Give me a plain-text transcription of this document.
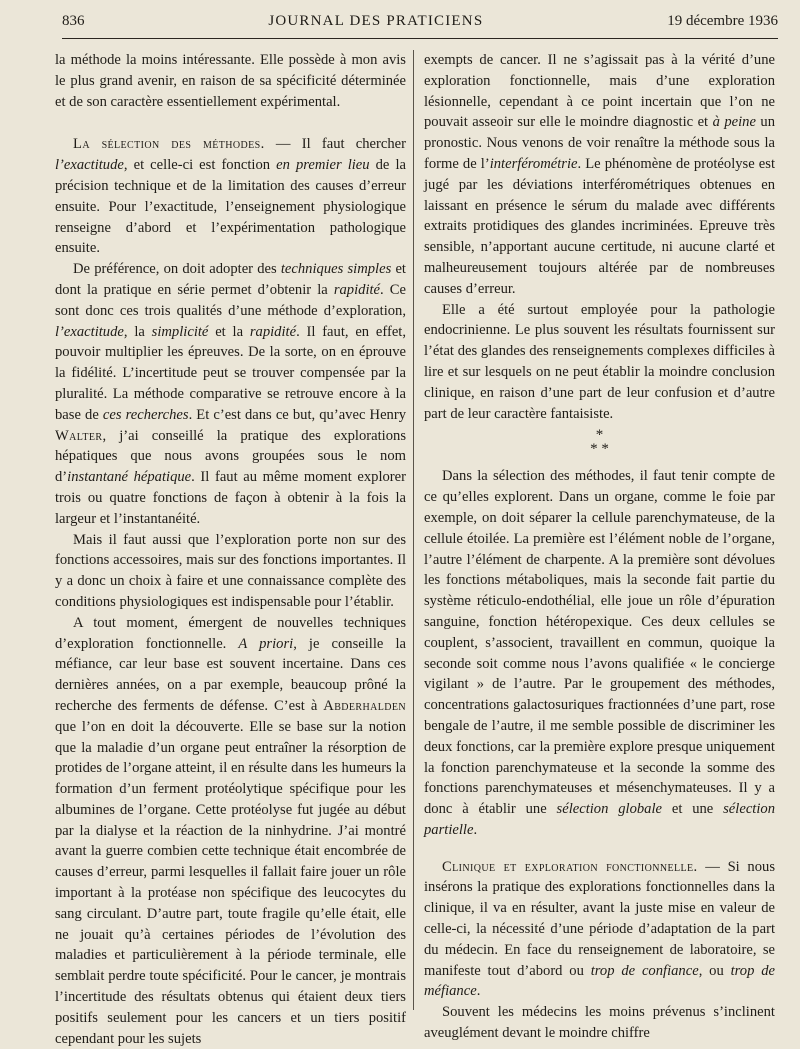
836	JOURNAL DES PRATICIENS	19 décembre 1936

la méthode la moins intéressante. Elle possède à mon avis le plus grand avenir, en raison de sa spécificité déterminée et de son caractère essentiellement expérimental.

La sélection des méthodes. — Il faut chercher l’exactitude, et celle-ci est fonction en premier lieu de la précision technique et de la limitation des causes d’erreur ensuite. Pour l’exactitude, l’enseignement physiologique renseigne d’abord et l’expérimentation pathologique ensuite.

De préférence, on doit adopter des techniques simples et dont la pratique en série permet d’obtenir la rapidité. Ce sont donc ces trois qualités d’une méthode d’exploration, l’exactitude, la simplicité et la rapidité. Il faut, en effet, pouvoir multiplier les épreuves. De la sorte, on en éprouve la fidélité. L’incertitude peut se trouver compensée par la pluralité. La méthode comparative se retrouve encore à la base de ces recherches. Et c’est dans ce but, qu’avec Henry Walter, j’ai conseillé la pratique des explorations hépatiques que nous avons groupées sous le nom d’instantané hépatique. Il faut au même moment explorer trois ou quatre fonctions de façon à obtenir à la fois la largeur et l’instantanéité.

Mais il faut aussi que l’exploration porte non sur des fonctions accessoires, mais sur des fonctions importantes. Il y a donc un choix à faire et une connaissance complète des conditions physiologiques est indispensable pour l’établir.

A tout moment, émergent de nouvelles techniques d’exploration fonctionnelle. A priori, je conseille la méfiance, car leur base est souvent incertaine. Dans ces dernières années, on a par exemple, beaucoup prôné la recherche des ferments de défense. C’est à Abderhalden que l’on en doit la découverte. Elle se base sur la notion que la maladie d’un organe peut entraîner la résorption de protides de l’organe atteint, il en résulte dans les humeurs la formation d’un ferment protéolytique spécifique pour les albumines de l’organe. Cette protéolyse fut jugée au début par la dialyse et la réaction de la ninhydrine. J’ai montré avant la guerre combien cette technique était encombrée de causes d’erreur, parmi lesquelles il fallait faire jouer un rôle important à la protéase non spécifique des leucocytes du sang circulant. D’autre part, toute fragile qu’elle était, elle ne jouait qu’à certaines périodes de l’évolution des maladies et particulièrement à la période terminale, elle semblait perdre toute spécificité. Pour le cancer, je montrais l’incertitude des résultats obtenus qui étaient deux tiers positifs seulement pour les cancers et un tiers positif cependant pour les sujets

exempts de cancer. Il ne s’agissait pas à la vérité d’une exploration fonctionnelle, mais d’une exploration lésionnelle, cependant à ce point incertain que l’on ne pouvait asseoir sur elle le moindre diagnostic et à peine un pronostic. Nous venons de voir renaître la méthode sous la forme de l’interférométrie. Le phénomène de protéolyse est jugé par les déviations interférométriques obtenues en laissant en présence le sérum du malade avec différents extraits protidiques des glandes incriminées. Epreuve très sensible, n’apportant aucune certitude, ni aucune clarté et malheureusement toujours altérée par de nombreuses causes d’erreur.

Elle a été surtout employée pour la pathologie endocrinienne. Le plus souvent les résultats fournissent sur l’état des glandes des renseignements complexes difficiles à lire et sur lesquels on ne peut établir la moindre conclusion clinique, en raison d’une part de leur confusion et d’autre part de leur caractère fantaisiste.

*
* *

Dans la sélection des méthodes, il faut tenir compte de ce qu’elles explorent. Dans un organe, comme le foie par exemple, on doit séparer la cellule parenchymateuse, de la cellule étoilée. La première est l’élément noble de l’organe, l’autre l’élément de charpente. A la première sont dévolues les fonctions métaboliques, mais la seconde fait partie du système réticulo-endothélial, elle joue un rôle d’épuration sanguine, fonction hétéropexique. Ces deux cellules se couplent, s’associent, travaillent en commun, quoique la seconde soit comme nous l’avons qualifiée « le concierge vigilant » de l’autre. Par le groupement des méthodes, concentrations galactosuriques fractionnées d’une part, rose bengale de l’autre, il me semble possible de discriminer les deux fonctions, car la première explore presque uniquement la fonction parenchymateuse et la seconde la somme des fonctions parenchymateuses et mésenchymateuses. Il y a donc à établir une sélection globale et une sélection partielle.

Clinique et exploration fonctionnelle. — Si nous insérons la pratique des explorations fonctionnelles dans la clinique, il va en résulter, avant la juste mise en valeur de celle-ci, la nécessité d’une période d’adaptation de la part du médecin. En face du renseignement de laboratoire, se manifeste tout d’abord ou trop de confiance, ou trop de méfiance.

Souvent les médecins les moins prévenus s’inclinent aveuglément devant le moindre chiffre
